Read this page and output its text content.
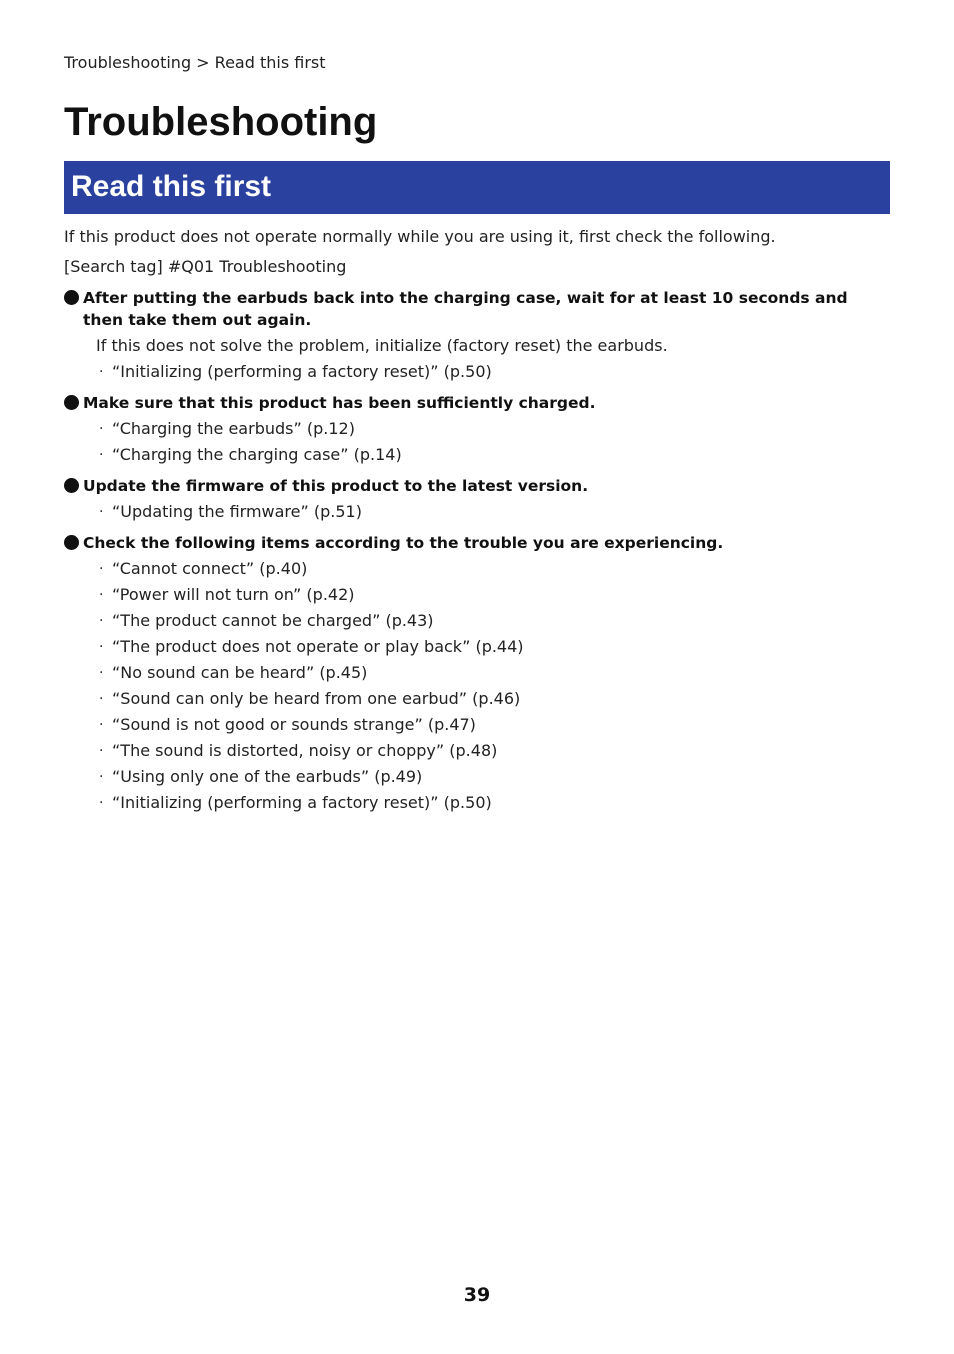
Troubleshooting > Read this first
Troubleshooting
Read this first

If this product does not operate normally while you are using it, first check the following.

[Search tag] #Q01 Troubleshooting

After putting the earbuds back into the charging case, wait for at least 10 seconds and then take them out again.

If this does not solve the problem, initialize (factory reset) the earbuds.

· “Initializing (performing a factory reset)” (p.50)
Make sure that this product has been sufficiently charged.
· “Charging the earbuds” (p.12)
· “Charging the charging case” (p.14)
Update the firmware of this product to the latest version.
· “Updating the firmware” (p.51)
Check the following items according to the trouble you are experiencing.
· “Cannot connect” (p.40)
· “Power will not turn on” (p.42)
· “The product cannot be charged” (p.43)
· “The product does not operate or play back” (p.44)
· “No sound can be heard” (p.45)
· “Sound can only be heard from one earbud” (p.46)
· “Sound is not good or sounds strange” (p.47)
· “The sound is distorted, noisy or choppy” (p.48)
· “Using only one of the earbuds” (p.49)
· “Initializing (performing a factory reset)” (p.50)
39
